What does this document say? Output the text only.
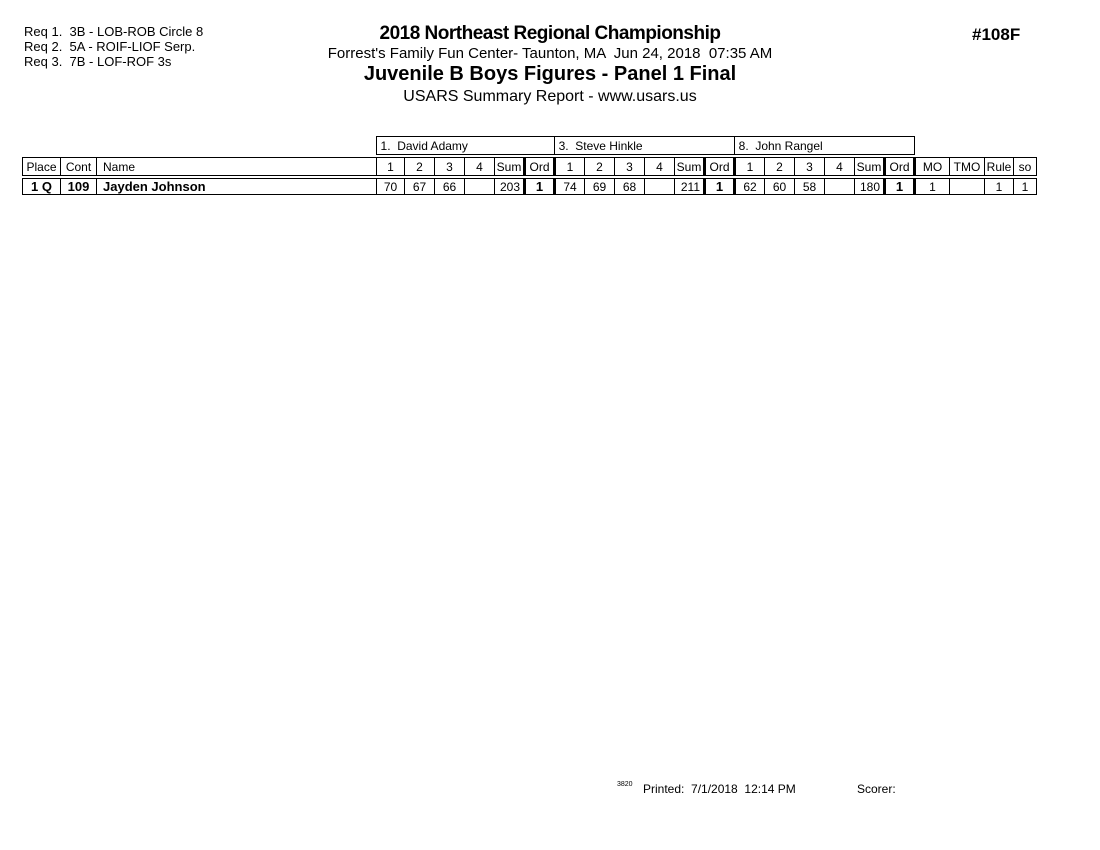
Req 1.  3B - LOB-ROB Circle 8
Req 2.  5A - ROIF-LIOF Serp.
Req 3.  7B - LOF-ROF 3s
2018 Northeast Regional Championship
Forrest's Family Fun Center- Taunton, MA  Jun 24, 2018  07:35 AM
Juvenile B Boys Figures - Panel 1 Final
USARS Summary Report - www.usars.us
#108F
	1.  David Adamy	3.  Steve Hinkle	8.  John Rangel	
Place	Cont	Name	1	2	3	4	Sum	Ord	1	2	3	4	Sum	Ord	1	2	3	4	Sum	Ord	MO	TMO	Rule	so
1 Q	109	Jayden Johnson	70	67	66		203	1	74	69	68		211	1	62	60	58		180	1	1		1	1
3820 Printed:  7/1/2018  12:14 PM	Scorer:
